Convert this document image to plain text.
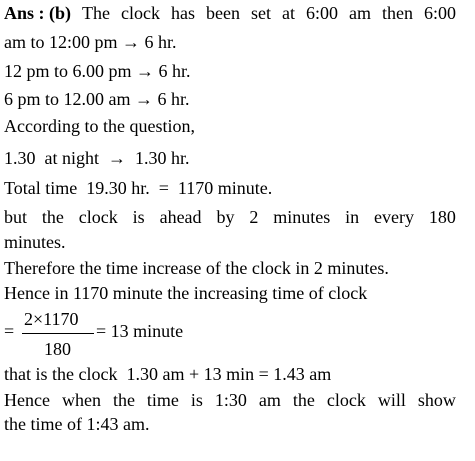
Ans : (b) The clock has been set at 6:00 am then 6:00
am to 12:00 pm → 6 hr.
12 pm to 6.00 pm → 6 hr.
6 pm to 12.00 am → 6 hr.
According to the question,
1.30  at night  →  1.30 hr.
Total time  19.30 hr.  =  1170 minute.
but the clock is ahead by 2 minutes in every 180
minutes.
Therefore the time increase of the clock in 2 minutes.
Hence in 1170 minute the increasing time of clock
=
2×1170
180
= 13 minute
that is the clock  1.30 am + 13 min = 1.43 am
Hence when the time is 1:30 am the clock will show
the time of 1:43 am.
